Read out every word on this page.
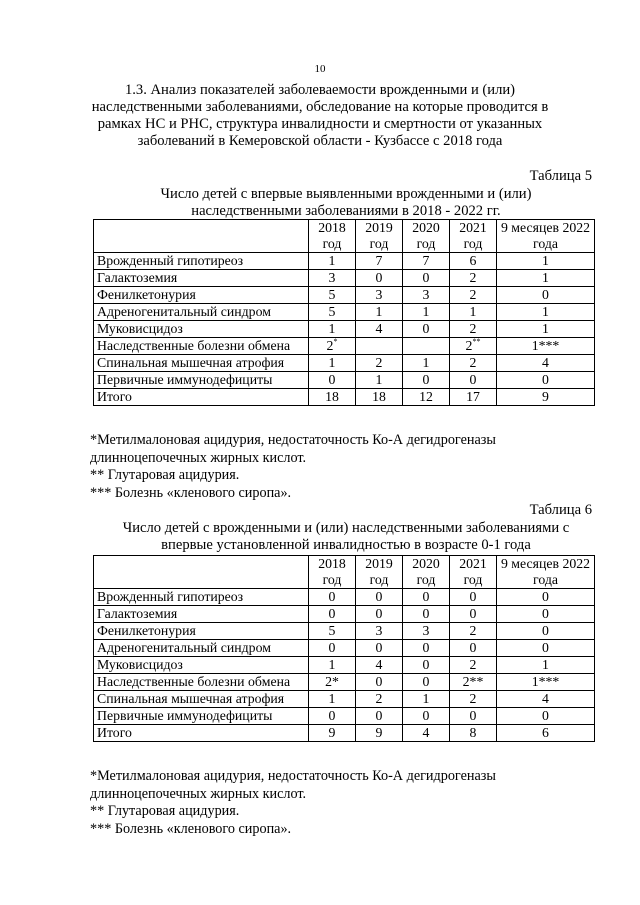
10
1.3. Анализ показателей заболеваемости врожденными и (или) наследственными заболеваниями, обследование на которые проводится в рамках НС и РНС, структура инвалидности и смертности от указанных заболеваний в Кемеровской области - Кузбассе с 2018 года
Таблица 5
Число детей с впервые выявленными врожденными и (или) наследственными заболеваниями в 2018 - 2022 гг.
	2018 год	2019 год	2020 год	2021 год	9 месяцев 2022 года
Врожденный гипотиреоз	1	7	7	6	1
Галактоземия	3	0	0	2	1
Фенилкетонурия	5	3	3	2	0
Адреногенитальный синдром	5	1	1	1	1
Муковисцидоз	1	4	0	2	1
Наследственные болезни обмена	2*			2**	1***
Спинальная мышечная атрофия	1	2	1	2	4
Первичные иммунодефициты	0	1	0	0	0
Итого	18	18	12	17	9
*Метилмалоновая ацидурия, недостаточность Ко-А дегидрогеназы
длинноцепочечных жирных кислот.
** Глутаровая ацидурия.
*** Болезнь «кленового сиропа».
Таблица 6
Число детей с врожденными и (или) наследственными заболеваниями с впервые установленной инвалидностью в возрасте 0-1 года
	2018 год	2019 год	2020 год	2021 год	9 месяцев 2022 года
Врожденный гипотиреоз	0	0	0	0	0
Галактоземия	0	0	0	0	0
Фенилкетонурия	5	3	3	2	0
Адреногенитальный синдром	0	0	0	0	0
Муковисцидоз	1	4	0	2	1
Наследственные болезни обмена	2*	0	0	2**	1***
Спинальная мышечная атрофия	1	2	1	2	4
Первичные иммунодефициты	0	0	0	0	0
Итого	9	9	4	8	6
*Метилмалоновая ацидурия, недостаточность Ко-А дегидрогеназы
длинноцепочечных жирных кислот.
** Глутаровая ацидурия.
*** Болезнь «кленового сиропа».
